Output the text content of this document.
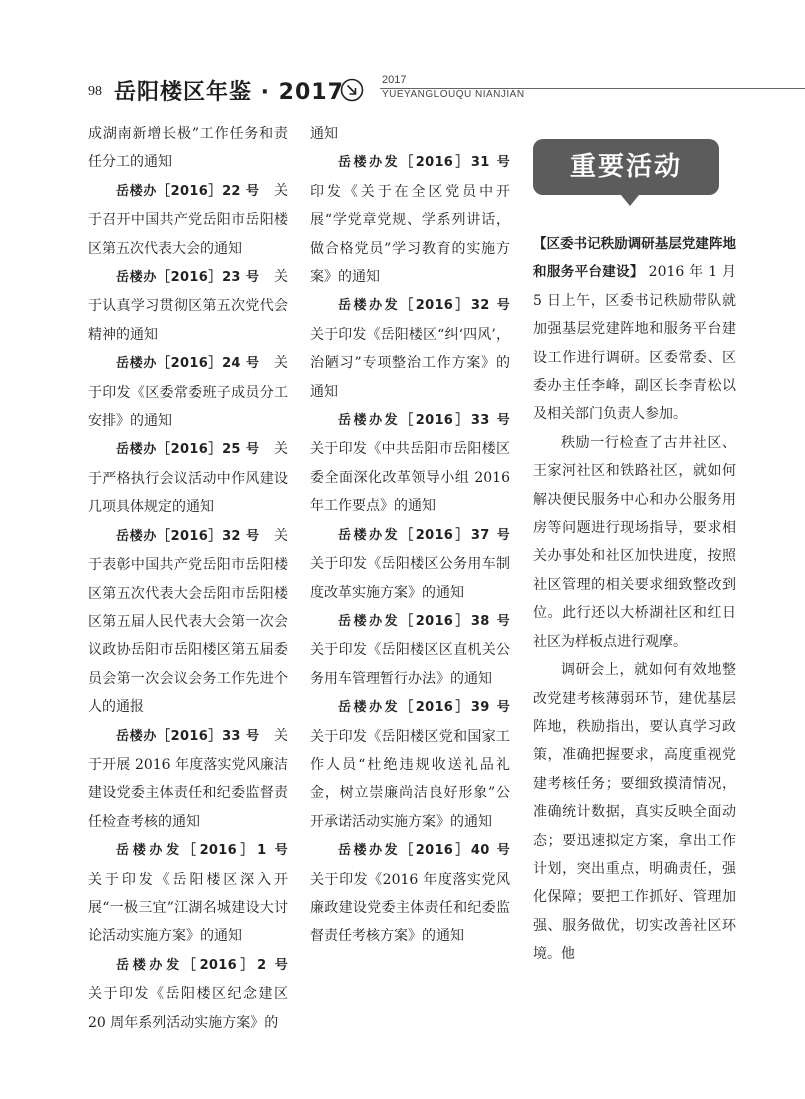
98 岳阳楼区年鉴 · 2017	2017
YUEYANGLOUQU NIANJIAN

成湖南新增长极”工作任务和责任分工的通知

岳楼办［2016］22 号　 关于召开中国共产党岳阳市岳阳楼区第五次代表大会的通知

岳楼办［2016］23 号　 关于认真学习贯彻区第五次党代会精神的通知

岳楼办［2016］24 号　 关于印发《区委常委班子成员分工安排》的通知

岳楼办［2016］25 号　 关于严格执行会议活动中作风建设几项具体规定的通知

岳楼办［2016］32 号　 关于表彰中国共产党岳阳市岳阳楼区第五次代表大会岳阳市岳阳楼区第五届人民代表大会第一次会议政协岳阳市岳阳楼区第五届委员会第一次会议会务工作先进个人的通报

岳楼办［2016］33 号　 关于开展 2016 年度落实党风廉洁建设党委主体责任和纪委监督责任检查考核的通知

岳楼办发［2016］1 号　关于印发《岳阳楼区深入开展“一极三宜”江湖名城建设大讨论活动实施方案》的通知

岳楼办发［2016］2 号　关于印发《岳阳楼区纪念建区 20 周年系列活动实施方案》的

通知

岳楼办发［2016］31 号　印发《关于在全区党员中开展“学党章党规、学系列讲话，做合格党员”学习教育的实施方案》的通知

岳楼办发［2016］32 号　关于印发《岳阳楼区“纠‘四风’，治陋习”专项整治工作方案》的通知

岳楼办发［2016］33 号　关于印发《中共岳阳市岳阳楼区委全面深化改革领导小组 2016 年工作要点》的通知

岳楼办发［2016］37 号　关于印发《岳阳楼区公务用车制度改革实施方案》的通知

岳楼办发［2016］38 号　关于印发《岳阳楼区区直机关公务用车管理暂行办法》的通知

岳楼办发［2016］39 号　关于印发《岳阳楼区党和国家工作人员“杜绝违规收送礼品礼金，树立崇廉尚洁良好形象”公开承诺活动实施方案》的通知

岳楼办发［2016］40 号　关于印发《2016 年度落实党风廉政建设党委主体责任和纪委监督责任考核方案》的通知

重要活动

【区委书记秩励调研基层党建阵地和服务平台建设】 2016 年 1 月 5 日上午，区委书记秩励带队就加强基层党建阵地和服务平台建设工作进行调研。区委常委、区委办主任李峰，副区长李青松以及相关部门负责人参加。

秩励一行检查了古井社区、王家河社区和铁路社区，就如何解决便民服务中心和办公服务用房等问题进行现场指导，要求相关办事处和社区加快进度，按照社区管理的相关要求细致整改到位。此行还以大桥湖社区和红日社区为样板点进行观摩。

调研会上，就如何有效地整改党建考核薄弱环节，建优基层阵地，秩励指出，要认真学习政策，准确把握要求，高度重视党建考核任务；要细致摸清情况，准确统计数据，真实反映全面动态；要迅速拟定方案，拿出工作计划，突出重点，明确责任，强化保障；要把工作抓好、管理加强、服务做优，切实改善社区环境。他
